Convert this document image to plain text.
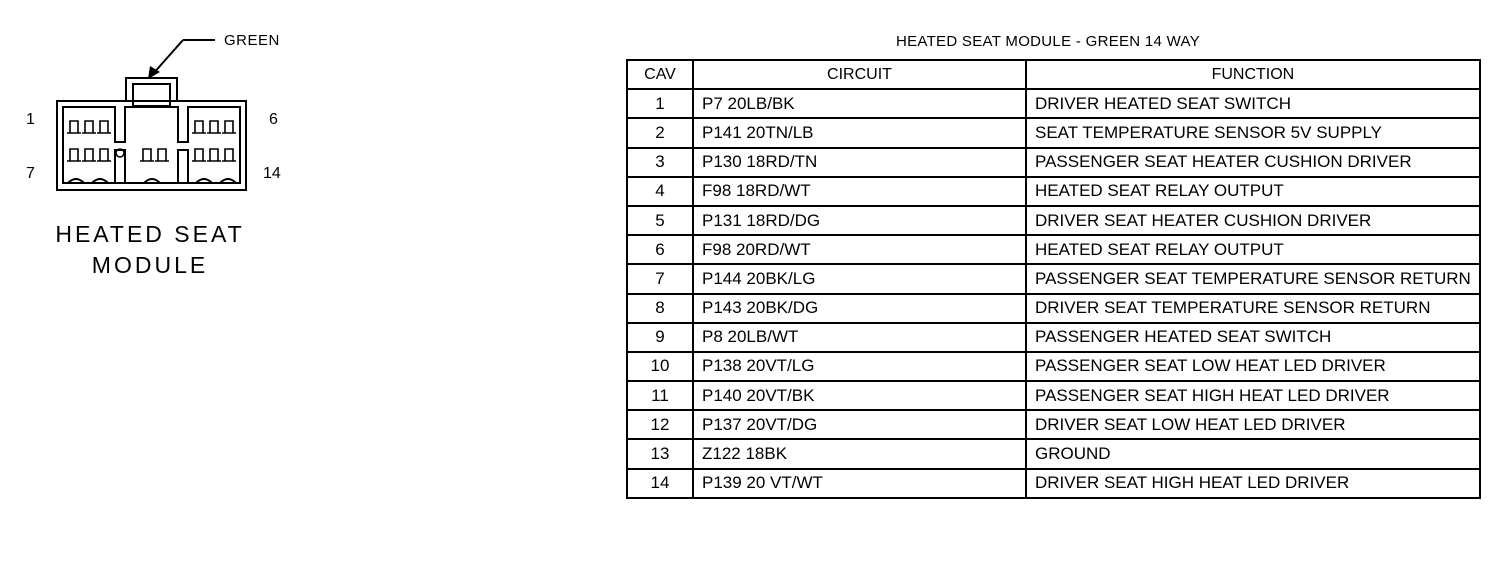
GREEN
1	6
7	14
HEATED SEAT
MODULE
HEATED SEAT MODULE - GREEN 14 WAY
CAV	CIRCUIT	FUNCTION
1	P7 20LB/BK	DRIVER HEATED SEAT SWITCH
2	P141 20TN/LB	SEAT TEMPERATURE SENSOR 5V SUPPLY
3	P130 18RD/TN	PASSENGER SEAT HEATER CUSHION DRIVER
4	F98 18RD/WT	HEATED SEAT RELAY OUTPUT
5	P131 18RD/DG	DRIVER SEAT HEATER CUSHION DRIVER
6	F98 20RD/WT	HEATED SEAT RELAY OUTPUT
7	P144 20BK/LG	PASSENGER SEAT TEMPERATURE SENSOR RETURN
8	P143 20BK/DG	DRIVER SEAT TEMPERATURE SENSOR RETURN
9	P8 20LB/WT	PASSENGER HEATED SEAT SWITCH
10	P138 20VT/LG	PASSENGER SEAT LOW HEAT LED DRIVER
11	P140 20VT/BK	PASSENGER SEAT HIGH HEAT LED DRIVER
12	P137 20VT/DG	DRIVER SEAT LOW HEAT LED DRIVER
13	Z122 18BK	GROUND
14	P139 20 VT/WT	DRIVER SEAT HIGH HEAT LED DRIVER
